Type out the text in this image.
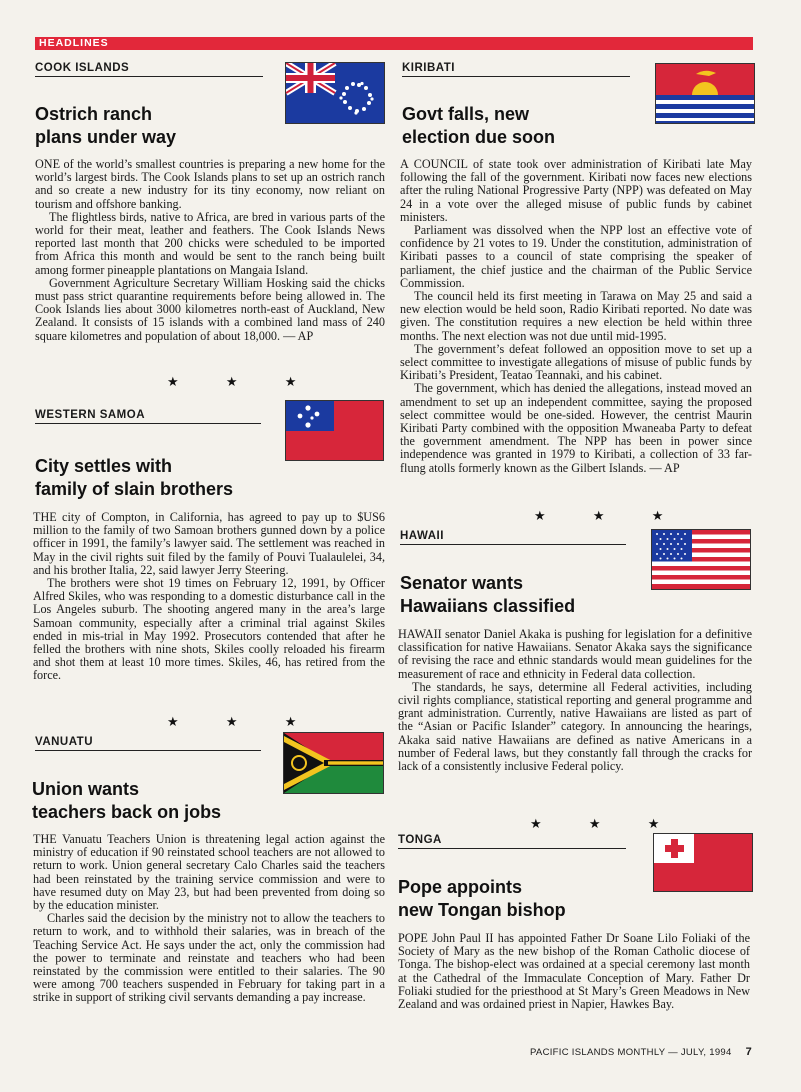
HEADLINES
COOK ISLANDS
Ostrich ranch
plans under way

ONE of the world’s smallest countries is preparing a new home for the world’s largest birds. The Cook Islands plans to set up an ostrich ranch and so create a new industry for its tiny economy, now reliant on tourism and offshore banking.

The flightless birds, native to Africa, are bred in various parts of the world for their meat, leather and feathers. The Cook Islands News reported last month that 200 chicks were scheduled to be imported from Africa this month and would be sent to the ranch being built among former pineapple plantations on Mangaia Island.

Government Agriculture Secretary William Hosking said the chicks must pass strict quarantine requirements before being allowed in. The Cook Islands lies about 3000 kilometres north-east of Auckland, New Zealand. It consists of 15 islands with a combined land mass of 240 square kilometres and population of about 18,000. — AP

★ ★ ★
WESTERN SAMOA
City settles with
family of slain brothers

THE city of Compton, in California, has agreed to pay up to $US6 million to the family of two Samoan brothers gunned down by a police officer in 1991, the family’s lawyer said. The settlement was reached in May in the civil rights suit filed by the family of Pouvi Tualaulelei, 34, and his brother Italia, 22, said lawyer Jerry Steering.

The brothers were shot 19 times on February 12, 1991, by Officer Alfred Skiles, who was responding to a domestic disturbance call in the Los Angeles suburb. The shooting angered many in the area’s large Samoan community, especially after a criminal trial against Skiles ended in mis-trial in May 1992. Prosecutors contended that after he felled the brothers with nine shots, Skiles coolly reloaded his firearm and shot them at least 10 more times. Skiles, 46, has retired from the force.

★ ★ ★
VANUATU
Union wants
teachers back on jobs

THE Vanuatu Teachers Union is threatening legal action against the ministry of education if 90 reinstated school teachers are not allowed to return to work. Union general secretary Calo Charles said the teachers had been reinstated by the training service commission and were to have resumed duty on May 23, but had been prevented from doing so by the education minister.

Charles said the decision by the ministry not to allow the teachers to return to work, and to withhold their salaries, was in breach of the Teaching Service Act. He says under the act, only the commission had the power to terminate and reinstate and teachers who had been reinstated by the commission were entitled to their salaries. The 90 were among 700 teachers suspended in February for taking part in a strike in support of striking civil servants demanding a pay increase.

KIRIBATI
Govt falls, new
election due soon

A COUNCIL of state took over administration of Kiribati late May following the fall of the government. Kiribati now faces new elections after the ruling National Progressive Party (NPP) was defeated on May 24 in a vote over the alleged misuse of public funds by cabinet ministers.

Parliament was dissolved when the NPP lost an effective vote of confidence by 21 votes to 19. Under the constitution, administration of Kiribati passes to a council of state comprising the speaker of parliament, the chief justice and the chairman of the Public Service Commission.

The council held its first meeting in Tarawa on May 25 and said a new election would be held soon, Radio Kiribati reported. No date was given. The constitution requires a new election be held within three months. The next election was not due until mid-1995.

The government’s defeat followed an opposition move to set up a select committee to investigate allegations of misuse of public funds by Kiribati’s President, Teatao Teannaki, and his cabinet.

The government, which has denied the allegations, instead moved an amendment to set up an independent committee, saying the proposed select committee would be one-sided. However, the centrist Maurin Kiribati Party combined with the opposition Mwaneaba Party to defeat the government amendment. The NPP has been in power since independence was granted in 1979 to Kiribati, a collection of 33 far-flung atolls formerly known as the Gilbert Islands. — AP

★ ★ ★
HAWAII
Senator wants
Hawaiians classified

HAWAII senator Daniel Akaka is pushing for legislation for a definitive classification for native Hawaiians. Senator Akaka says the significance of revising the race and ethnic standards would mean guidelines for the measurement of race and ethnicity in Federal data collection.

The standards, he says, determine all Federal activities, including civil rights compliance, statistical reporting and general programme and grant administration. Currently, native Hawaiians are listed as part of the “Asian or Pacific Islander” category. In announcing the hearings, Akaka said native Hawaiians are defined as native Americans in a number of Federal laws, but they constantly fall through the cracks for lack of a consistently inclusive Federal policy.

★ ★ ★
TONGA
Pope appoints
new Tongan bishop

POPE John Paul II has appointed Father Dr Soane Lilo Foliaki of the Society of Mary as the new bishop of the Roman Catholic diocese of Tonga. The bishop-elect was ordained at a special ceremony last month at the Cathedral of the Immaculate Conception of Mary. Father Dr Foliaki studied for the priesthood at St Mary’s Green Meadows in New Zealand and was ordained priest in Napier, Hawkes Bay.

PACIFIC ISLANDS MONTHLY — JULY, 1994 7
